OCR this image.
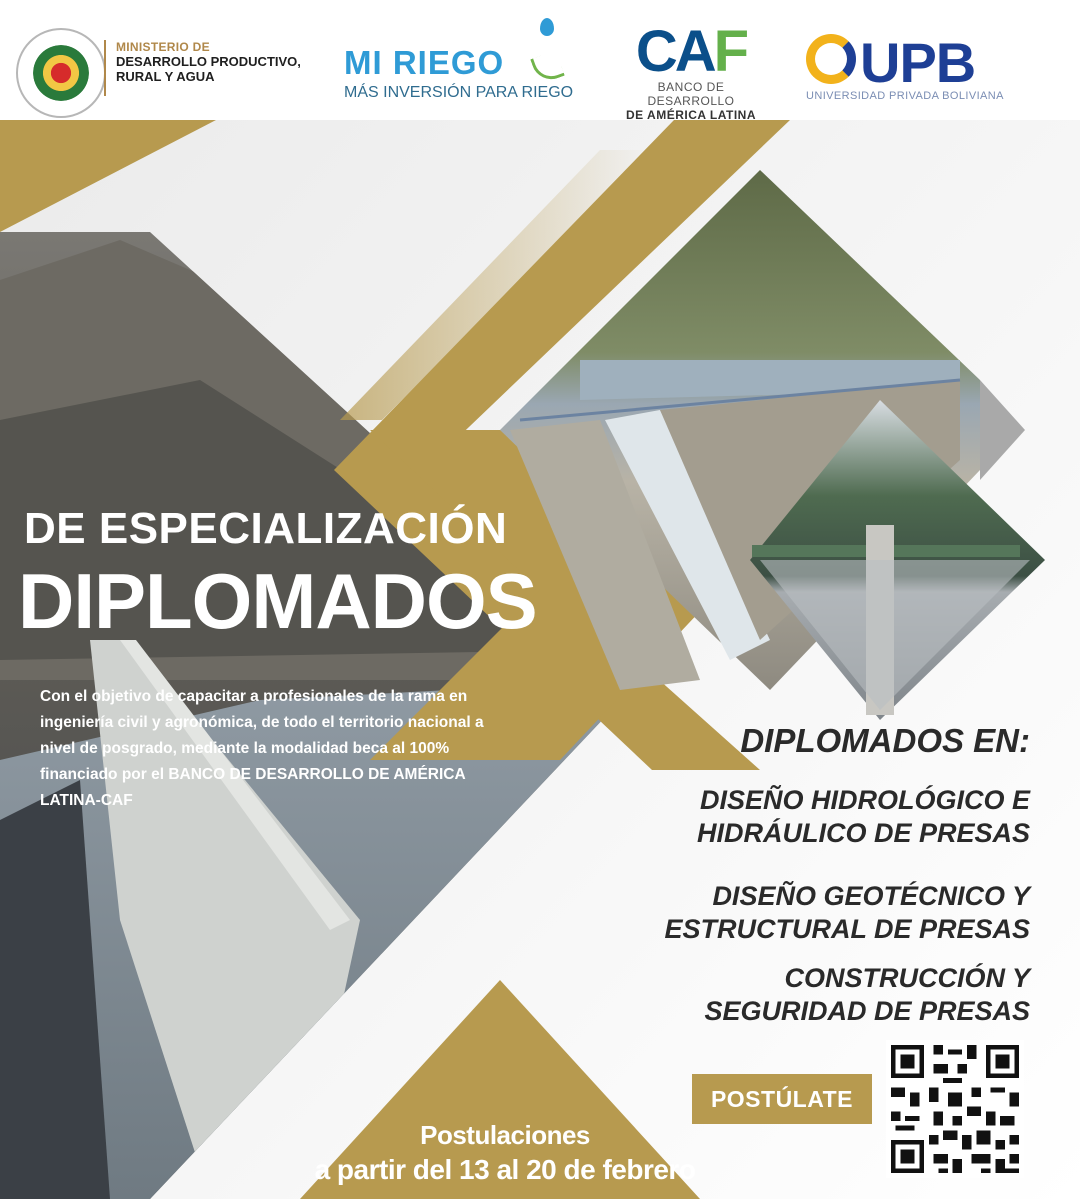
MINISTERIO DE
DESARROLLO PRODUCTIVO,
RURAL Y AGUA	MI RIEGO
MÁS INVERSIÓN PARA RIEGO
CAF
BANCO DE DESARROLLO
DE AMÉRICA LATINA
UPB
UNIVERSIDAD PRIVADA BOLIVIANA
DE ESPECIALIZACIÓN
DIPLOMADOS
Con el objetivo de capacitar a profesionales de la rama en ingeniería civil y agronómica, de todo el territorio nacional a nivel de posgrado, mediante la modalidad beca al 100% financiado por el BANCO DE DESARROLLO DE AMÉRICA LATINA-CAF
DIPLOMADOS EN:
DISEÑO HIDROLÓGICO E
HIDRÁULICO DE PRESAS
DISEÑO GEOTÉCNICO Y
ESTRUCTURAL DE PRESAS
CONSTRUCCIÓN Y
SEGURIDAD DE PRESAS
POSTÚLATE
Postulaciones
a partir del 13 al 20 de febrero
